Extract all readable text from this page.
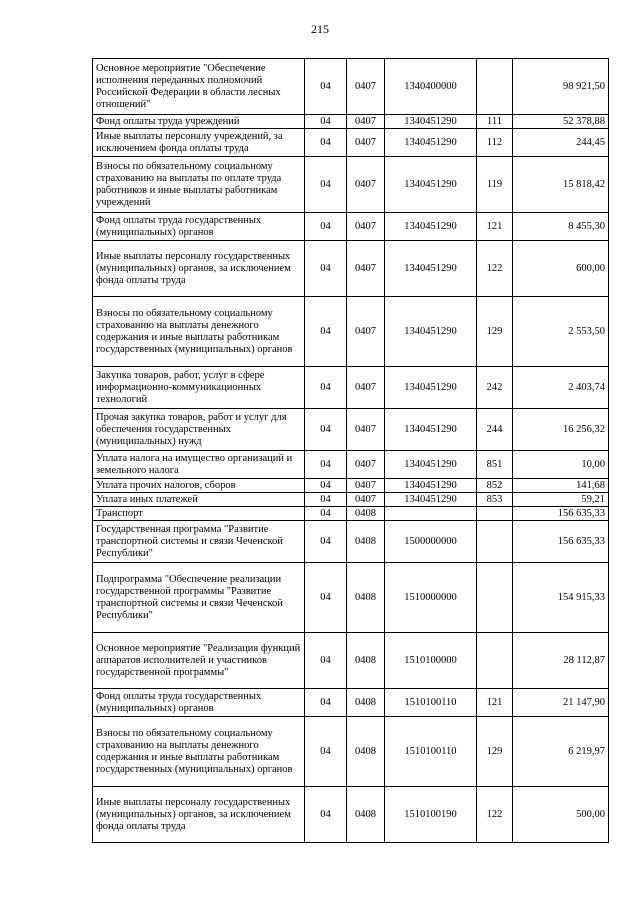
215
Основное мероприятие "Обеспечение исполнения переданных полномочий Российской Федерации в области лесных отношений"	04	0407	1340400000		98 921,50
Фонд оплаты труда учреждений	04	0407	1340451290	111	52 378,88
Иные выплаты персоналу учреждений, за исключением фонда оплаты труда	04	0407	1340451290	112	244,45
Взносы по обязательному социальному страхованию на выплаты по оплате труда работников и иные выплаты работникам учреждений	04	0407	1340451290	119	15 818,42
Фонд оплаты труда государственных (муниципальных) органов	04	0407	1340451290	121	8 455,30
Иные выплаты персоналу государственных (муниципальных) органов, за исключением фонда оплаты труда	04	0407	1340451290	122	600,00
Взносы по обязательному социальному страхованию на выплаты денежного содержания и иные выплаты работникам государственных (муниципальных) органов	04	0407	1340451290	129	2 553,50
Закупка товаров, работ, услуг в сфере информационно-коммуникационных технологий	04	0407	1340451290	242	2 403,74
Прочая закупка товаров, работ и услуг для обеспечения государственных (муниципальных) нужд	04	0407	1340451290	244	16 256,32
Уплата налога на имущество организаций и земельного налога	04	0407	1340451290	851	10,00
Уплата прочих налогов, сборов	04	0407	1340451290	852	141,68
Уплата иных платежей	04	0407	1340451290	853	59,21
Транспорт	04	0408			156 635,33
Государственная программа "Развитие транспортной системы и связи Чеченской Республики"	04	0408	1500000000		156 635,33
Подпрограмма "Обеспечение реализации государственной программы "Развитие транспортной системы и связи Чеченской Республики"	04	0408	1510000000		154 915,33
Основное мероприятие "Реализация функций аппаратов исполнителей и участников государственной программы"	04	0408	1510100000		28 112,87
Фонд оплаты труда государственных (муниципальных) органов	04	0408	1510100110	121	21 147,90
Взносы по обязательному социальному страхованию на выплаты денежного содержания и иные выплаты работникам государственных (муниципальных) органов	04	0408	1510100110	129	6 219,97
Иные выплаты персоналу государственных (муниципальных) органов, за исключением фонда оплаты труда	04	0408	1510100190	122	500,00
